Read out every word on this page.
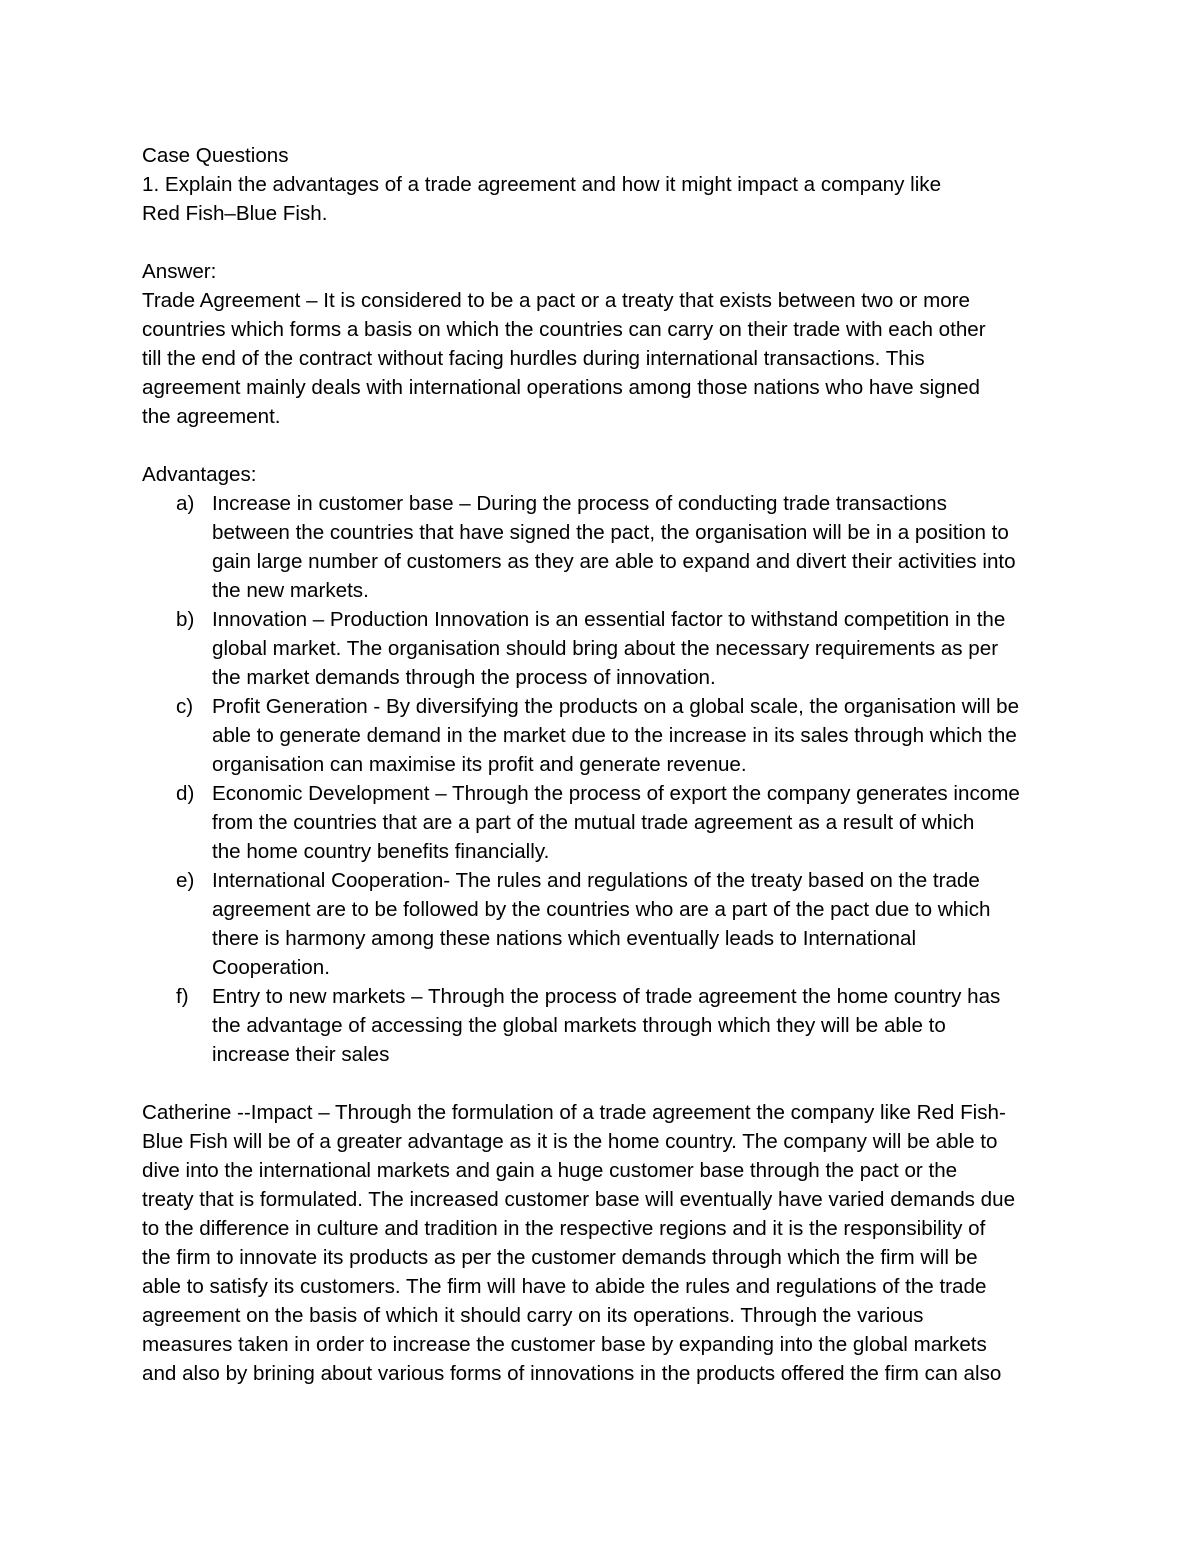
Case Questions
1. Explain the advantages of a trade agreement and how it might impact a company like
Red Fish–Blue Fish.
Answer:
Trade Agreement – It is considered to be a pact or a treaty that exists between two or more
countries which forms a basis on which the countries can carry on their trade with each other
till the end of the contract without facing hurdles during international transactions. This
agreement mainly deals with international operations among those nations who have signed
the agreement.
Advantages:
a) Increase in customer base – During the process of conducting trade transactions
between the countries that have signed the pact, the organisation will be in a position to
gain large number of customers as they are able to expand and divert their activities into
the new markets.
b) Innovation – Production Innovation is an essential factor to withstand competition in the
global market. The organisation should bring about the necessary requirements as per
the market demands through the process of innovation.
c) Profit Generation - By diversifying the products on a global scale, the organisation will be
able to generate demand in the market due to the increase in its sales through which the
organisation can maximise its profit and generate revenue.
d) Economic Development – Through the process of export the company generates income
from the countries that are a part of the mutual trade agreement as a result of which
the home country benefits financially.
e) International Cooperation- The rules and regulations of the treaty based on the trade
agreement are to be followed by the countries who are a part of the pact due to which
there is harmony among these nations which eventually leads to International
Cooperation.
f) Entry to new markets – Through the process of trade agreement the home country has
the advantage of accessing the global markets through which they will be able to
increase their sales
Catherine --Impact – Through the formulation of a trade agreement the company like Red Fish-
Blue Fish will be of a greater advantage as it is the home country. The company will be able to
dive into the international markets and gain a huge customer base through the pact or the
treaty that is formulated. The increased customer base will eventually have varied demands due
to the difference in culture and tradition in the respective regions and it is the responsibility of
the firm to innovate its products as per the customer demands through which the firm will be
able to satisfy its customers. The firm will have to abide the rules and regulations of the trade
agreement on the basis of which it should carry on its operations. Through the various
measures taken in order to increase the customer base by expanding into the global markets
and also by brining about various forms of innovations in the products offered the firm can also
